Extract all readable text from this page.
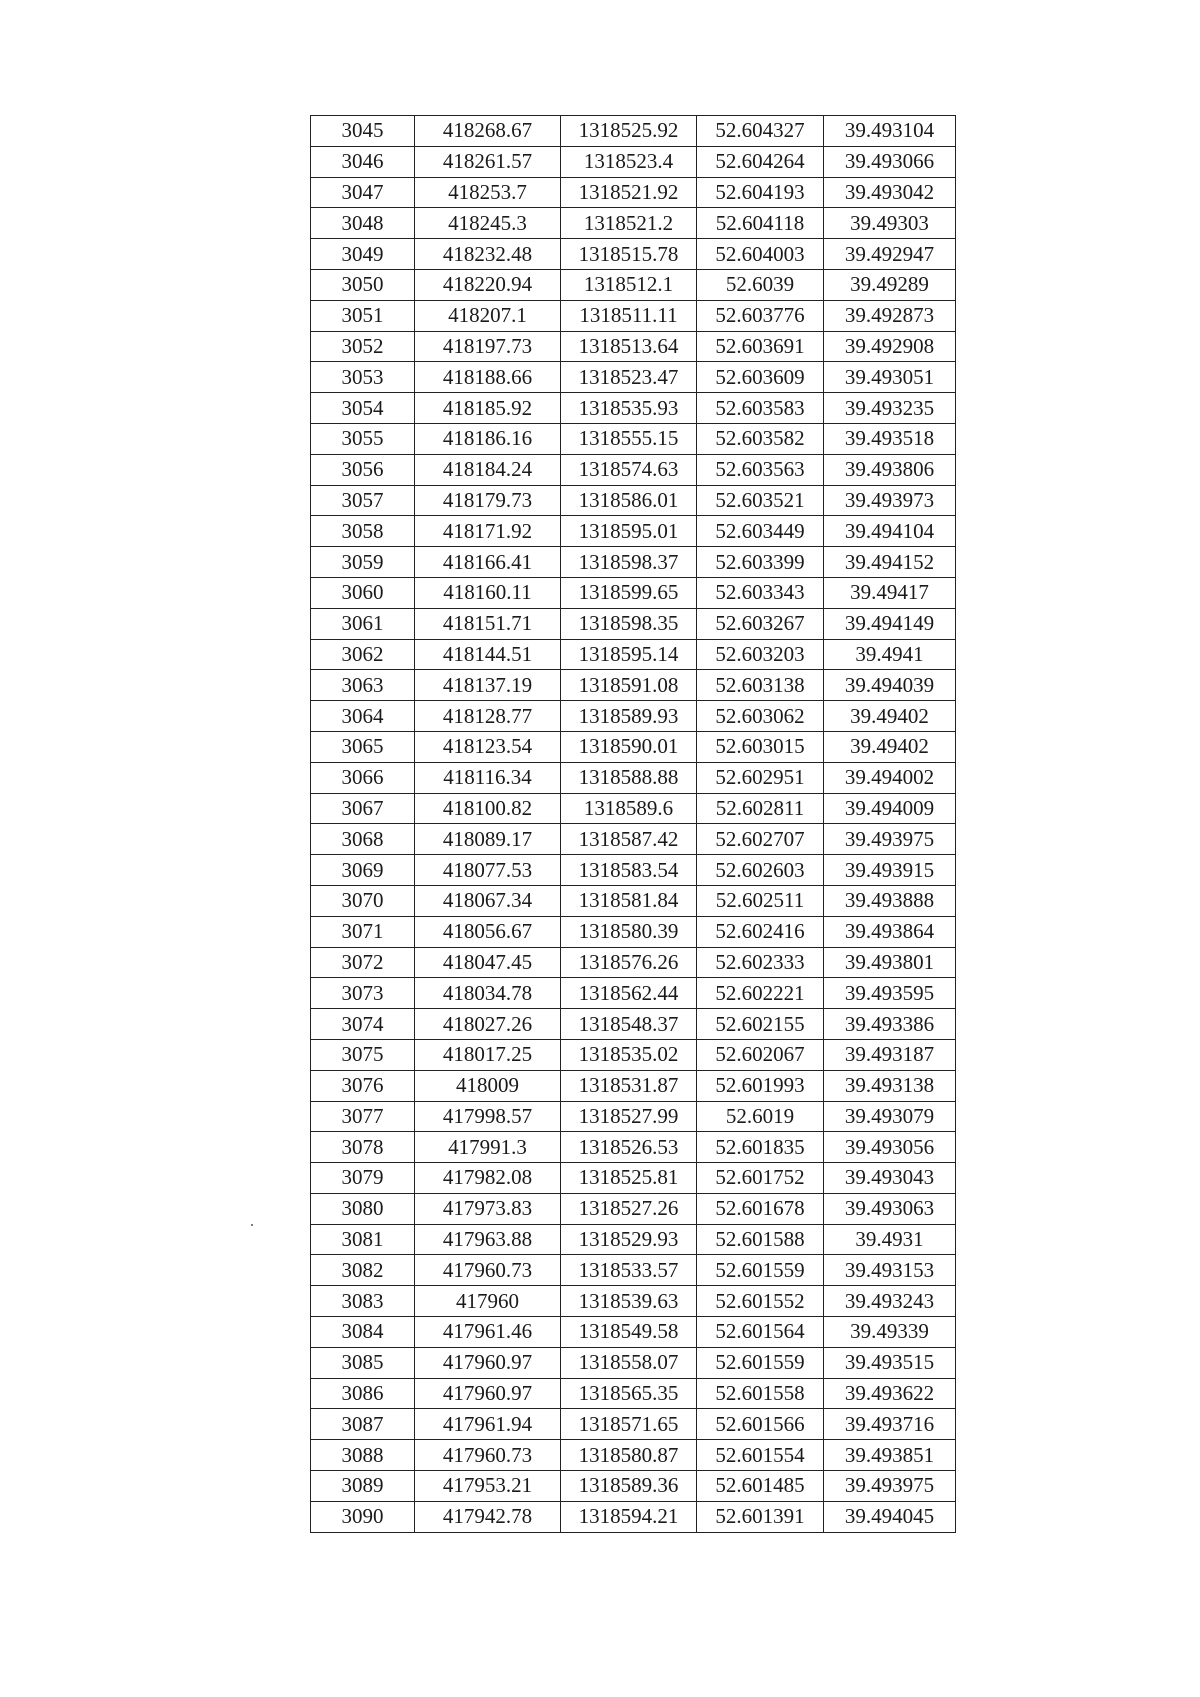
3045	418268.67	1318525.92	52.604327	39.493104
3046	418261.57	1318523.4	52.604264	39.493066
3047	418253.7	1318521.92	52.604193	39.493042
3048	418245.3	1318521.2	52.604118	39.49303
3049	418232.48	1318515.78	52.604003	39.492947
3050	418220.94	1318512.1	52.6039	39.49289
3051	418207.1	1318511.11	52.603776	39.492873
3052	418197.73	1318513.64	52.603691	39.492908
3053	418188.66	1318523.47	52.603609	39.493051
3054	418185.92	1318535.93	52.603583	39.493235
3055	418186.16	1318555.15	52.603582	39.493518
3056	418184.24	1318574.63	52.603563	39.493806
3057	418179.73	1318586.01	52.603521	39.493973
3058	418171.92	1318595.01	52.603449	39.494104
3059	418166.41	1318598.37	52.603399	39.494152
3060	418160.11	1318599.65	52.603343	39.49417
3061	418151.71	1318598.35	52.603267	39.494149
3062	418144.51	1318595.14	52.603203	39.4941
3063	418137.19	1318591.08	52.603138	39.494039
3064	418128.77	1318589.93	52.603062	39.49402
3065	418123.54	1318590.01	52.603015	39.49402
3066	418116.34	1318588.88	52.602951	39.494002
3067	418100.82	1318589.6	52.602811	39.494009
3068	418089.17	1318587.42	52.602707	39.493975
3069	418077.53	1318583.54	52.602603	39.493915
3070	418067.34	1318581.84	52.602511	39.493888
3071	418056.67	1318580.39	52.602416	39.493864
3072	418047.45	1318576.26	52.602333	39.493801
3073	418034.78	1318562.44	52.602221	39.493595
3074	418027.26	1318548.37	52.602155	39.493386
3075	418017.25	1318535.02	52.602067	39.493187
3076	418009	1318531.87	52.601993	39.493138
3077	417998.57	1318527.99	52.6019	39.493079
3078	417991.3	1318526.53	52.601835	39.493056
3079	417982.08	1318525.81	52.601752	39.493043
3080	417973.83	1318527.26	52.601678	39.493063
3081	417963.88	1318529.93	52.601588	39.4931
3082	417960.73	1318533.57	52.601559	39.493153
3083	417960	1318539.63	52.601552	39.493243
3084	417961.46	1318549.58	52.601564	39.49339
3085	417960.97	1318558.07	52.601559	39.493515
3086	417960.97	1318565.35	52.601558	39.493622
3087	417961.94	1318571.65	52.601566	39.493716
3088	417960.73	1318580.87	52.601554	39.493851
3089	417953.21	1318589.36	52.601485	39.493975
3090	417942.78	1318594.21	52.601391	39.494045
